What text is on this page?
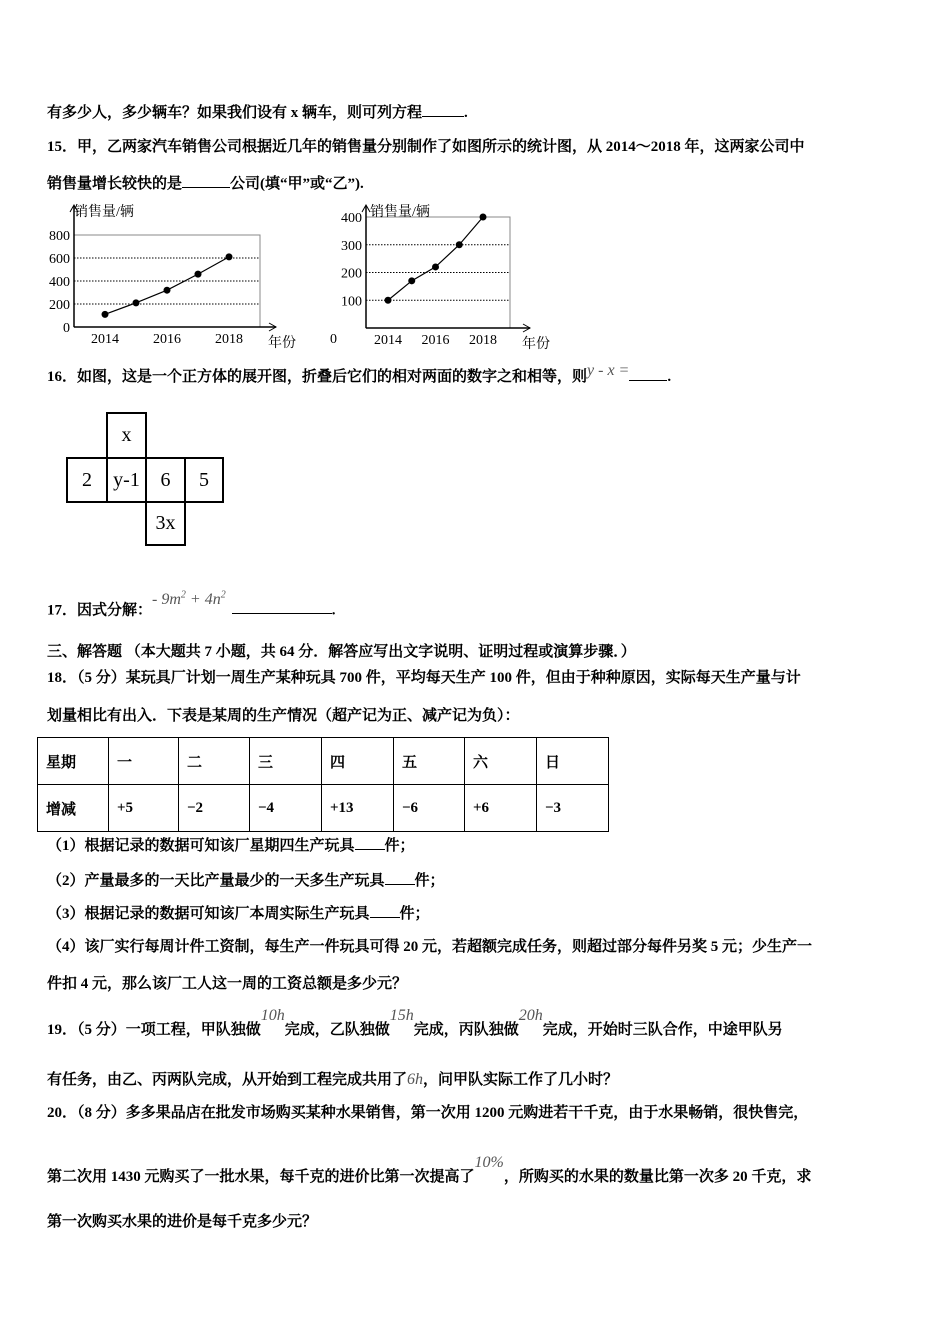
有多少人，多少辆车？如果我们设有 x 辆车，则可列方程	.
15．甲，乙两家汽车销售公司根据近几年的销售量分别制作了如图所示的统计图，从 2014～2018 年，这两家公司中
销售量增长较快的是	公司(填“甲”或“乙”).
0
200
400
600
800
销售量/辆
年份
2014 2016 2018	0
100
200
300
400 销售量/辆
年份
2014 2016 2018
16．如图，这是一个正方体的展开图，折叠后它们的相对两面的数字之和相等，则y - x =	.
x
2	y-1	6	5
3x
17．因式分解：- $9m^2 + 4n^2$.
三、解答题 （本大题共 7 小题，共 64 分．解答应写出文字说明、证明过程或演算步骤．）
18．（5 分）某玩具厂计划一周生产某种玩具 700 件，平均每天生产 100 件，但由于种种原因，实际每天生产量与计
划量相比有出入．下表是某周的生产情况（超产记为正、减产记为负）：
星期	一	二	三	四	五	六	日
增减	+5	−2	−4	+13	−6	+6	−3
（1）根据记录的数据可知该厂星期四生产玩具 件；
（2）产量最多的一天比产量最少的一天多生产玩具 件；
（3）根据记录的数据可知该厂本周实际生产玩具 件；
（4）该厂实行每周计件工资制，每生产一件玩具可得 20 元，若超额完成任务，则超过部分每件另奖 5 元；少生产一
件扣 4 元，那么该厂工人这一周的工资总额是多少元？
19．（5 分）一项工程，甲队独做10h完成，乙队独做15h完成，丙队独做20h完成，开始时三队合作，中途甲队另
有任务，由乙、丙两队完成，从开始到工程完成共用了6h，问甲队实际工作了几小时？
20．（8 分）多多果品店在批发市场购买某种水果销售，第一次用 1200 元购进若干千克，由于水果畅销，很快售完，
第二次用 1430 元购买了一批水果，每千克的进价比第一次提高了10%，所购买的水果的数量比第一次多 20 千克，求
第一次购买水果的进价是每千克多少元？
